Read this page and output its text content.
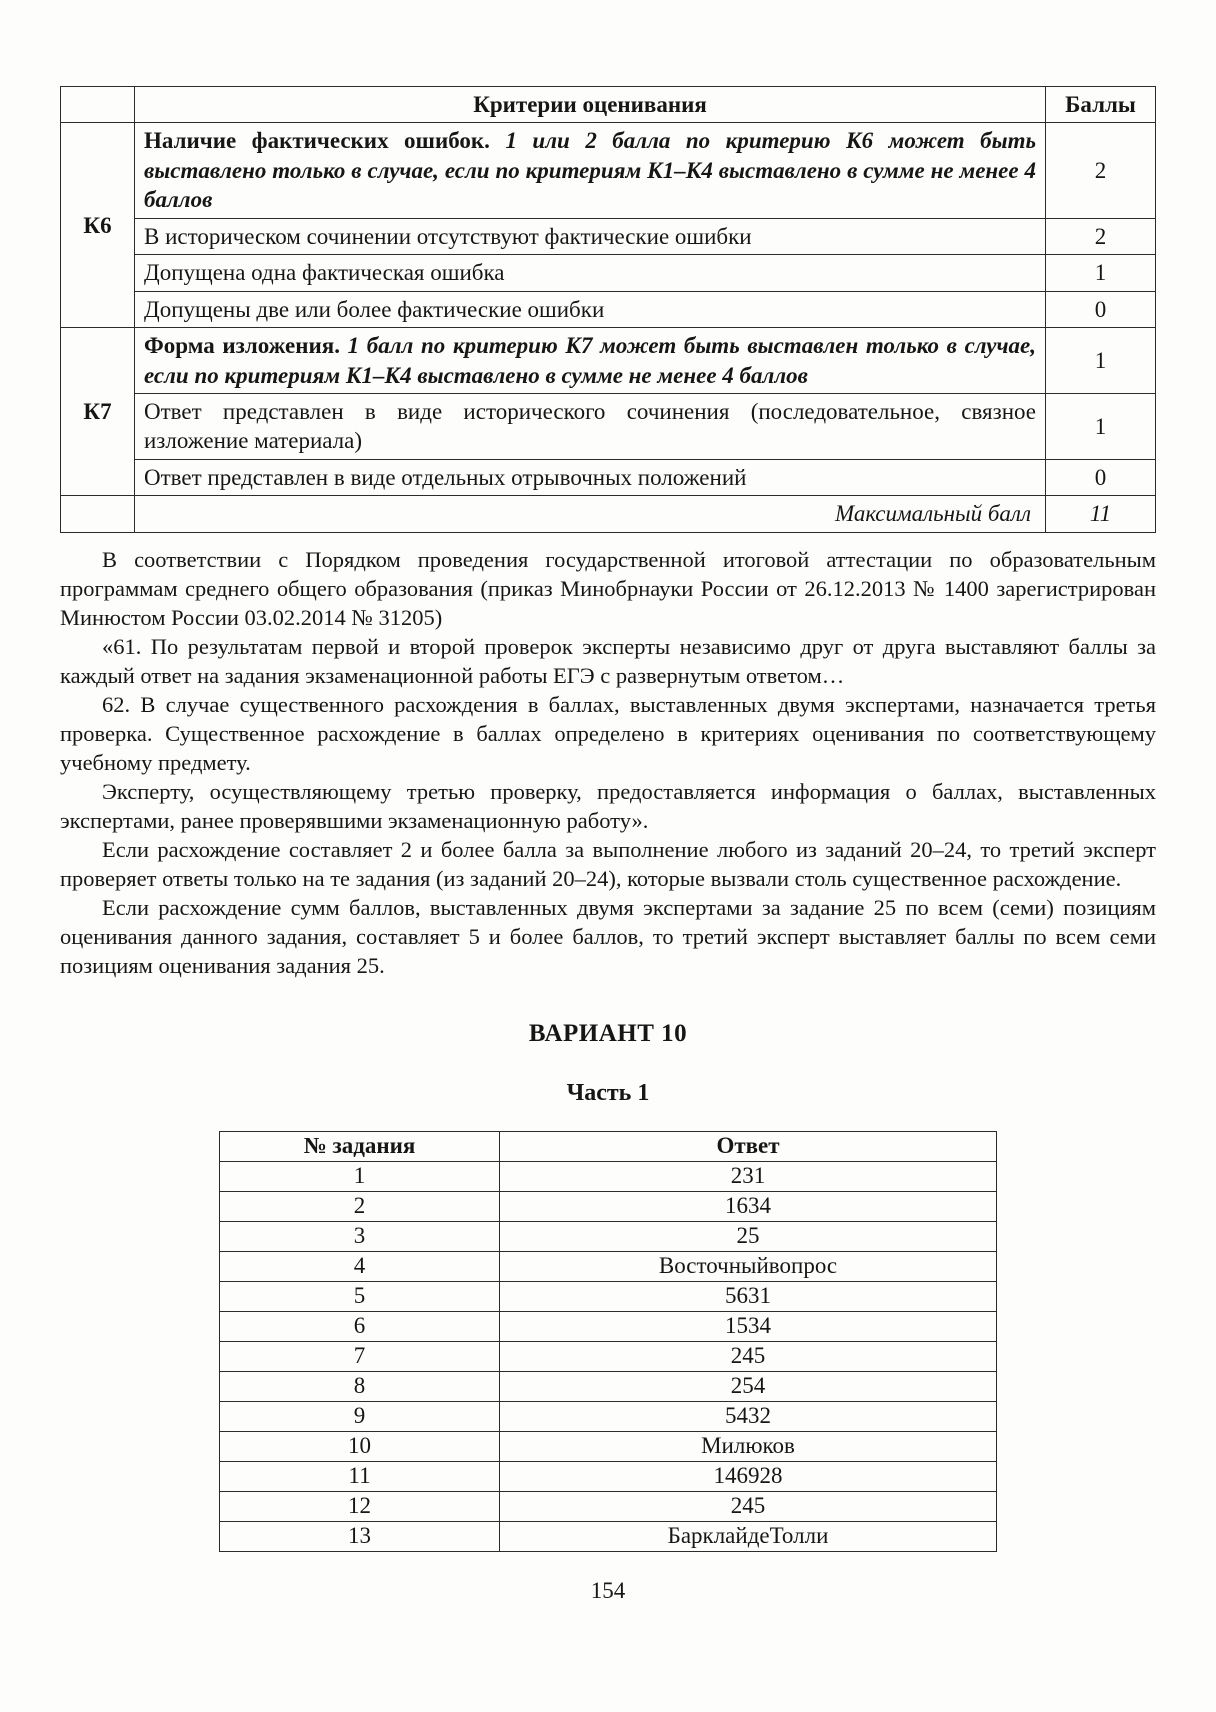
	Критерии оценивания	Баллы
К6	Наличие фактических ошибок. 1 или 2 балла по критерию К6 может быть выставлено только в случае, если по критериям К1–К4 выставлено в сумме не менее 4 баллов	2
	В историческом сочинении отсутствуют фактические ошибки	2
	Допущена одна фактическая ошибка	1
	Допущены две или более фактические ошибки	0
К7	Форма изложения. 1 балл по критерию К7 может быть выставлен только в случае, если по критериям К1–К4 выставлено в сумме не менее 4 баллов	1
	Ответ представлен в виде исторического сочинения (последовательное, связное изложение материала)	1
	Ответ представлен в виде отдельных отрывочных положений	0
	Максимальный балл	11

В соответствии с Порядком проведения государственной итоговой аттестации по образовательным программам среднего общего образования (приказ Минобрнауки России от 26.12.2013 № 1400 зарегистрирован Минюстом России 03.02.2014 № 31205)

«61. По результатам первой и второй проверок эксперты независимо друг от друга выставляют баллы за каждый ответ на задания экзаменационной работы ЕГЭ с развернутым ответом…

62. В случае существенного расхождения в баллах, выставленных двумя экспертами, назначается третья проверка. Существенное расхождение в баллах определено в критериях оценивания по соответствующему учебному предмету.

Эксперту, осуществляющему третью проверку, предоставляется информация о баллах, выставленных экспертами, ранее проверявшими экзаменационную работу».

Если расхождение составляет 2 и более балла за выполнение любого из заданий 20–24, то третий эксперт проверяет ответы только на те задания (из заданий 20–24), которые вызвали столь существенное расхождение.

Если расхождение сумм баллов, выставленных двумя экспертами за задание 25 по всем (семи) позициям оценивания данного задания, составляет 5 и более баллов, то третий эксперт выставляет баллы по всем семи позициям оценивания задания 25.

ВАРИАНТ 10
Часть 1
№ задания	Ответ
1	231
2	1634
3	25
4	Восточныйвопрос
5	5631
6	1534
7	245
8	254
9	5432
10	Милюков
11	146928
12	245
13	БарклайдеТолли
154
